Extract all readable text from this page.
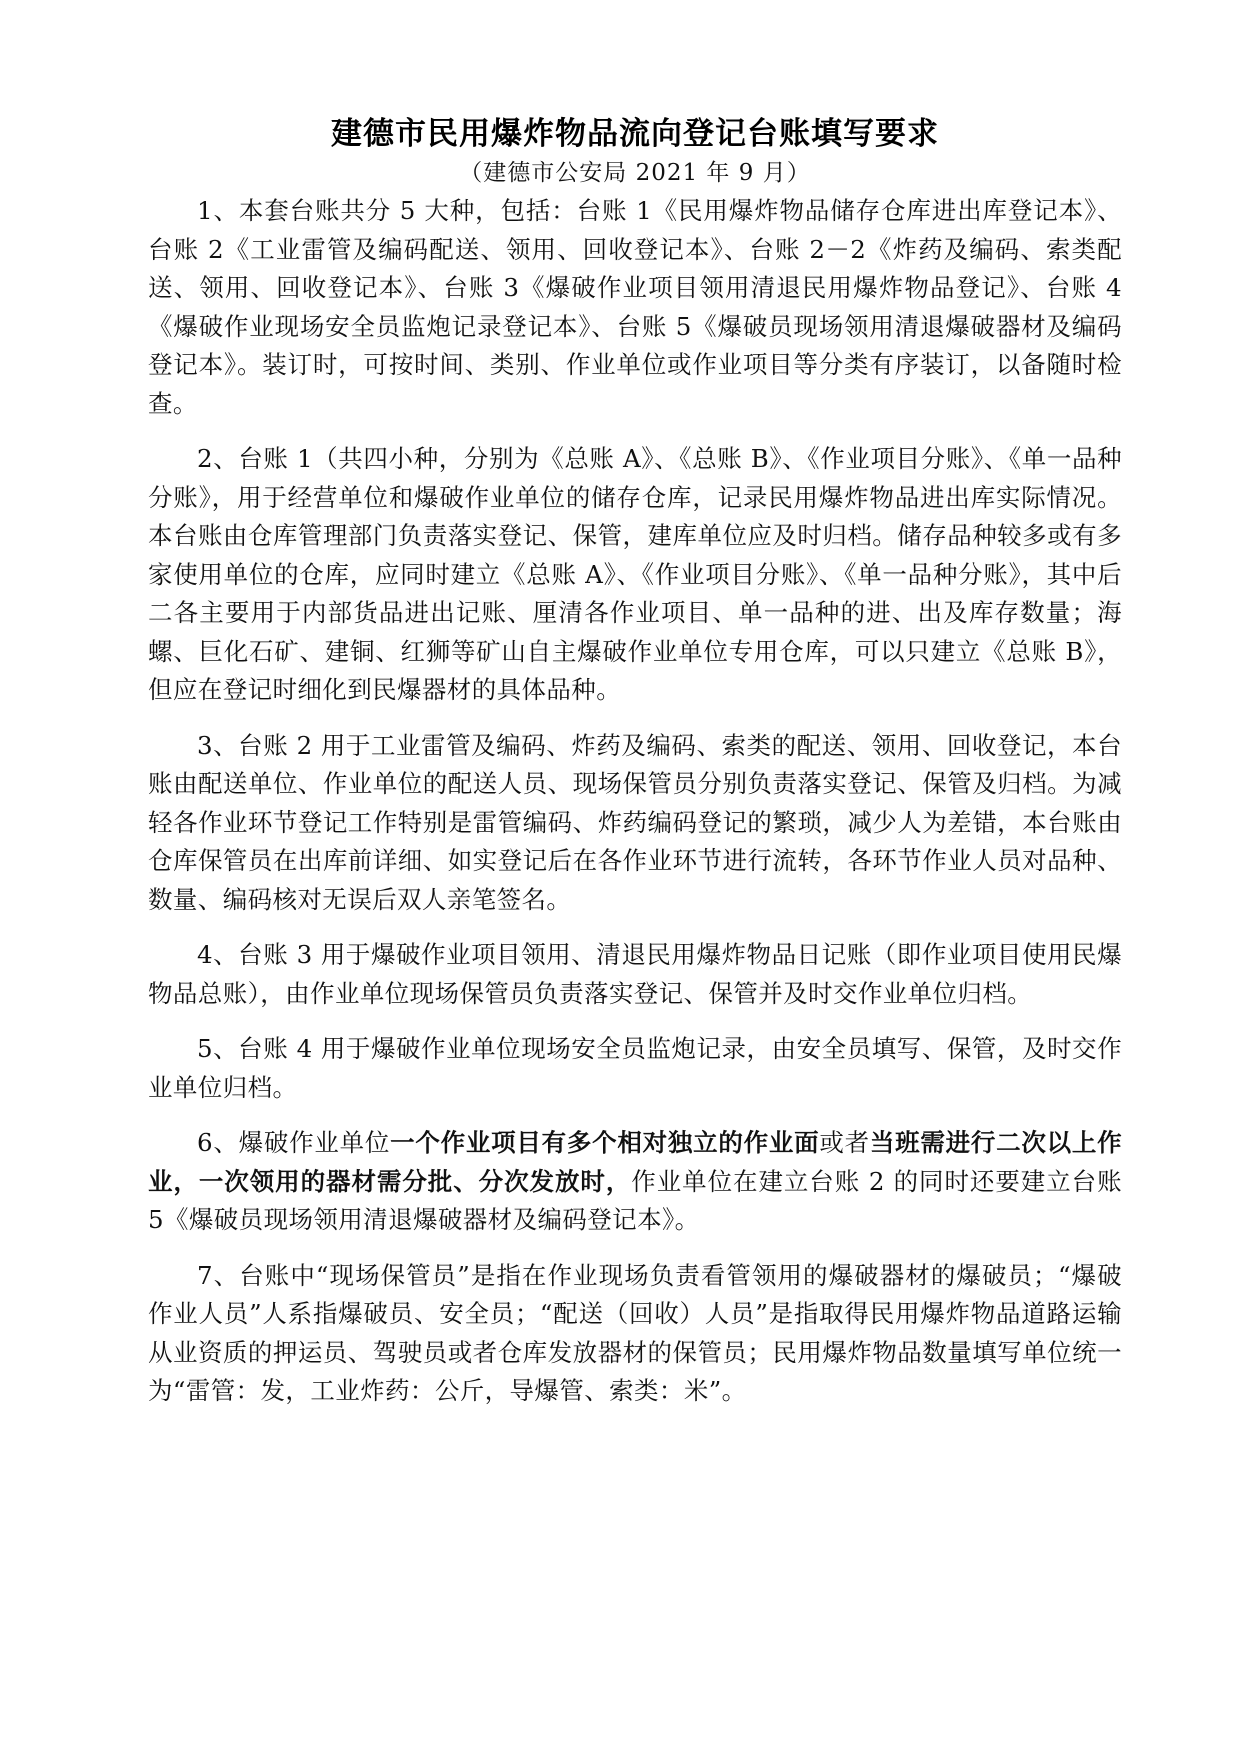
建德市民用爆炸物品流向登记台账填写要求
（建德市公安局 2021 年 9 月）

1、本套台账共分 5 大种，包括：台账 1《民用爆炸物品储存仓库进出库登记本》、台账 2《工业雷管及编码配送、领用、回收登记本》、台账 2－2《炸药及编码、索类配送、领用、回收登记本》、台账 3《爆破作业项目领用清退民用爆炸物品登记》、台账 4《爆破作业现场安全员监炮记录登记本》、台账 5《爆破员现场领用清退爆破器材及编码登记本》。装订时，可按时间、类别、作业单位或作业项目等分类有序装订，以备随时检查。

2、台账 1（共四小种，分别为《总账 A》、《总账 B》、《作业项目分账》、《单一品种分账》，用于经营单位和爆破作业单位的储存仓库，记录民用爆炸物品进出库实际情况。本台账由仓库管理部门负责落实登记、保管，建库单位应及时归档。储存品种较多或有多家使用单位的仓库，应同时建立《总账 A》、《作业项目分账》、《单一品种分账》，其中后二各主要用于内部货品进出记账、厘清各作业项目、单一品种的进、出及库存数量；海螺、巨化石矿、建铜、红狮等矿山自主爆破作业单位专用仓库，可以只建立《总账 B》，但应在登记时细化到民爆器材的具体品种。

3、台账 2 用于工业雷管及编码、炸药及编码、索类的配送、领用、回收登记，本台账由配送单位、作业单位的配送人员、现场保管员分别负责落实登记、保管及归档。为减轻各作业环节登记工作特别是雷管编码、炸药编码登记的繁琐，减少人为差错，本台账由仓库保管员在出库前详细、如实登记后在各作业环节进行流转，各环节作业人员对品种、数量、编码核对无误后双人亲笔签名。

4、台账 3 用于爆破作业项目领用、清退民用爆炸物品日记账（即作业项目使用民爆物品总账），由作业单位现场保管员负责落实登记、保管并及时交作业单位归档。

5、台账 4 用于爆破作业单位现场安全员监炮记录，由安全员填写、保管，及时交作业单位归档。

6、爆破作业单位一个作业项目有多个相对独立的作业面或者当班需进行二次以上作业，一次领用的器材需分批、分次发放时，作业单位在建立台账 2 的同时还要建立台账 5《爆破员现场领用清退爆破器材及编码登记本》。

7、台账中“现场保管员”是指在作业现场负责看管领用的爆破器材的爆破员；“爆破作业人员”人系指爆破员、安全员；“配送（回收）人员”是指取得民用爆炸物品道路运输从业资质的押运员、驾驶员或者仓库发放器材的保管员；民用爆炸物品数量填写单位统一为“雷管：发，工业炸药：公斤，导爆管、索类：米”。
